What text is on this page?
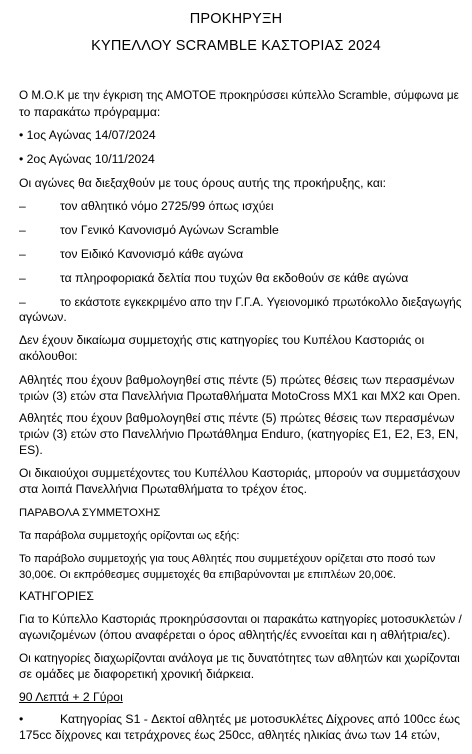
ΠΡΟΚΗΡΥΞΗ
ΚΥΠΕΛΛΟΥ SCRAMBLE ΚΑΣΤΟΡΙΑΣ 2024
Ο Μ.Ο.Κ με την έγκριση της ΑΜΟΤΟΕ προκηρύσσει κύπελλο Scramble, σύμφωνα με
το παρακάτω πρόγραμμα:
• 1ος Αγώνας 14/07/2024
• 2ος Αγώνας 10/11/2024
Οι αγώνες θα διεξαχθούν με τους όρους αυτής της προκήρυξης, και:
–	τον αθλητικό νόμο 2725/99 όπως ισχύει
–	τον Γενικό Κανονισμό Αγώνων Scramble
–	τον Ειδικό Κανονισμό κάθε αγώνα
–	τα πληροφοριακά δελτία που τυχών θα εκδοθούν σε κάθε αγώνα
–	το εκάστοτε εγκεκριμένο απο την Γ.Γ.Α. Υγειονομικό πρωτόκολλο διεξαγωγής
αγώνων.
Δεν έχουν δικαίωμα συμμετοχής στις κατηγορίες του Κυπέλου Καστοριάς οι
ακόλουθοι:
Αθλητές που έχουν βαθμολογηθεί στις πέντε (5) πρώτες θέσεις των περασμένων
τριών (3) ετών στα Πανελλήνια Πρωταθλήματα MotoCross MX1 και MX2 και Open.
Αθλητές που έχουν βαθμολογηθεί στις πέντε (5) πρώτες θέσεις των περασμένων
τριών (3) ετών στο Πανελλήνιο Πρωτάθλημα Enduro, (κατηγορίες Ε1, Ε2, Ε3, ΕΝ,
ES).
Οι δικαιούχοι συμμετέχοντες του Κυπέλλου Καστοριάς, μπορούν να συμμετάσχουν
στα λοιπά Πανελλήνια Πρωταθλήματα το τρέχον έτος.
ΠΑΡΑΒΟΛΑ ΣΥΜΜΕΤΟΧΗΣ
Τα παράβολα συμμετοχής ορίζονται ως εξής:
Το παράβολο συμμετοχής για τους Αθλητές που συμμετέχουν ορίζεται στο ποσό των
30,00€. Οι εκπρόθεσμες συμμετοχές θα επιβαρύνονται με επιπλέων 20,00€.
ΚΑΤΗΓΟΡΙΕΣ
Για το Κύπελλο Καστοριάς προκηρύσσονται οι παρακάτω κατηγορίες μοτοσυκλετών /
αγωνιζομένων (όπου αναφέρεται ο όρος αθλητής/ές εννοείται και η αθλήτρια/ες).
Οι κατηγορίες διαχωρίζονται ανάλογα με τις δυνατότητες των αθλητών και χωρίζονται
σε ομάδες με διαφορετική χρονική διάρκεια.
90 Λεπτά + 2 Γύροι
•	Κατηγορίας S1 - Δεκτοί αθλητές με μοτοσυκλέτες Δίχρονες από 100cc έως
175cc δίχρονες και τετράχρονες έως 250cc, αθλητές ηλικίας άνω των 14 ετών,
